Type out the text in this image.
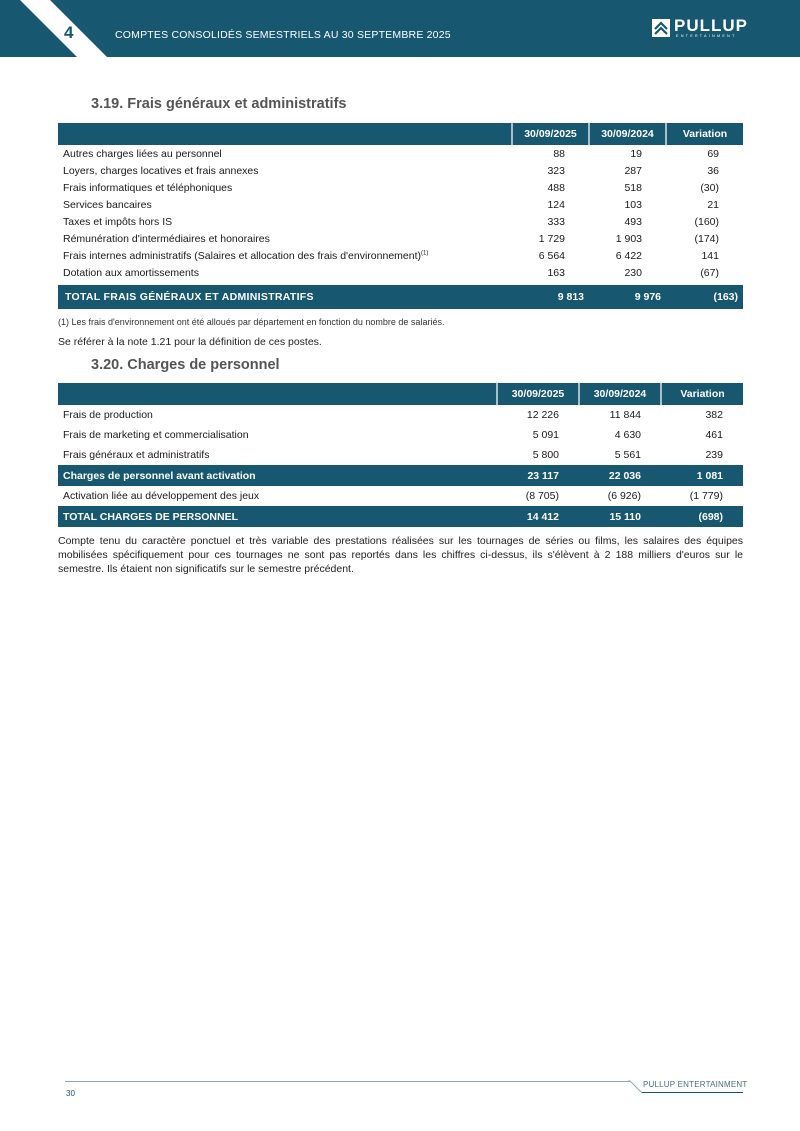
4	COMPTES CONSOLIDÉS SEMESTRIELS AU 30 SEPTEMBRE 2025	PULLUP
ENTERTAINMENT
3.19. Frais généraux et administratifs
	30/09/2025	30/09/2024	Variation
Autres charges liées au personnel	88	19	69
Loyers, charges locatives et frais annexes	323	287	36
Frais informatiques et téléphoniques	488	518	(30)
Services bancaires	124	103	21
Taxes et impôts hors IS	333	493	(160)
Rémunération d'intermédiaires et honoraires	1 729	1 903	(174)
Frais internes administratifs (Salaires et allocation des frais d'environnement)$^{(1)}$	6 564	6 422	141
Dotation aux amortissements	163	230	(67)

TOTAL FRAIS GÉNÉRAUX ET ADMINISTRATIFS	9 813	9 976	(163)
(1) Les frais d'environnement ont été alloués par département en fonction du nombre de salariés.
Se référer à la note 1.21 pour la définition de ces postes.
3.20. Charges de personnel
	30/09/2025	30/09/2024	Variation
Frais de production	12 226	11 844	382
Frais de marketing et commercialisation	5 091	4 630	461
Frais généraux et administratifs	5 800	5 561	239
Charges de personnel avant activation	23 117	22 036	1 081
Activation liée au développement des jeux	(8 705)	(6 926)	(1 779)
TOTAL CHARGES DE PERSONNEL	14 412	15 110	(698)

Compte tenu du caractère ponctuel et très variable des prestations réalisées sur les tournages de séries ou films, les salaires des équipes mobilisées spécifiquement pour ces tournages ne sont pas reportés dans les chiffres ci-dessus, ils s'élèvent à 2 188 milliers d'euros sur le semestre. Ils étaient non significatifs sur le semestre précédent.

PULLUP ENTERTAINMENT
30
